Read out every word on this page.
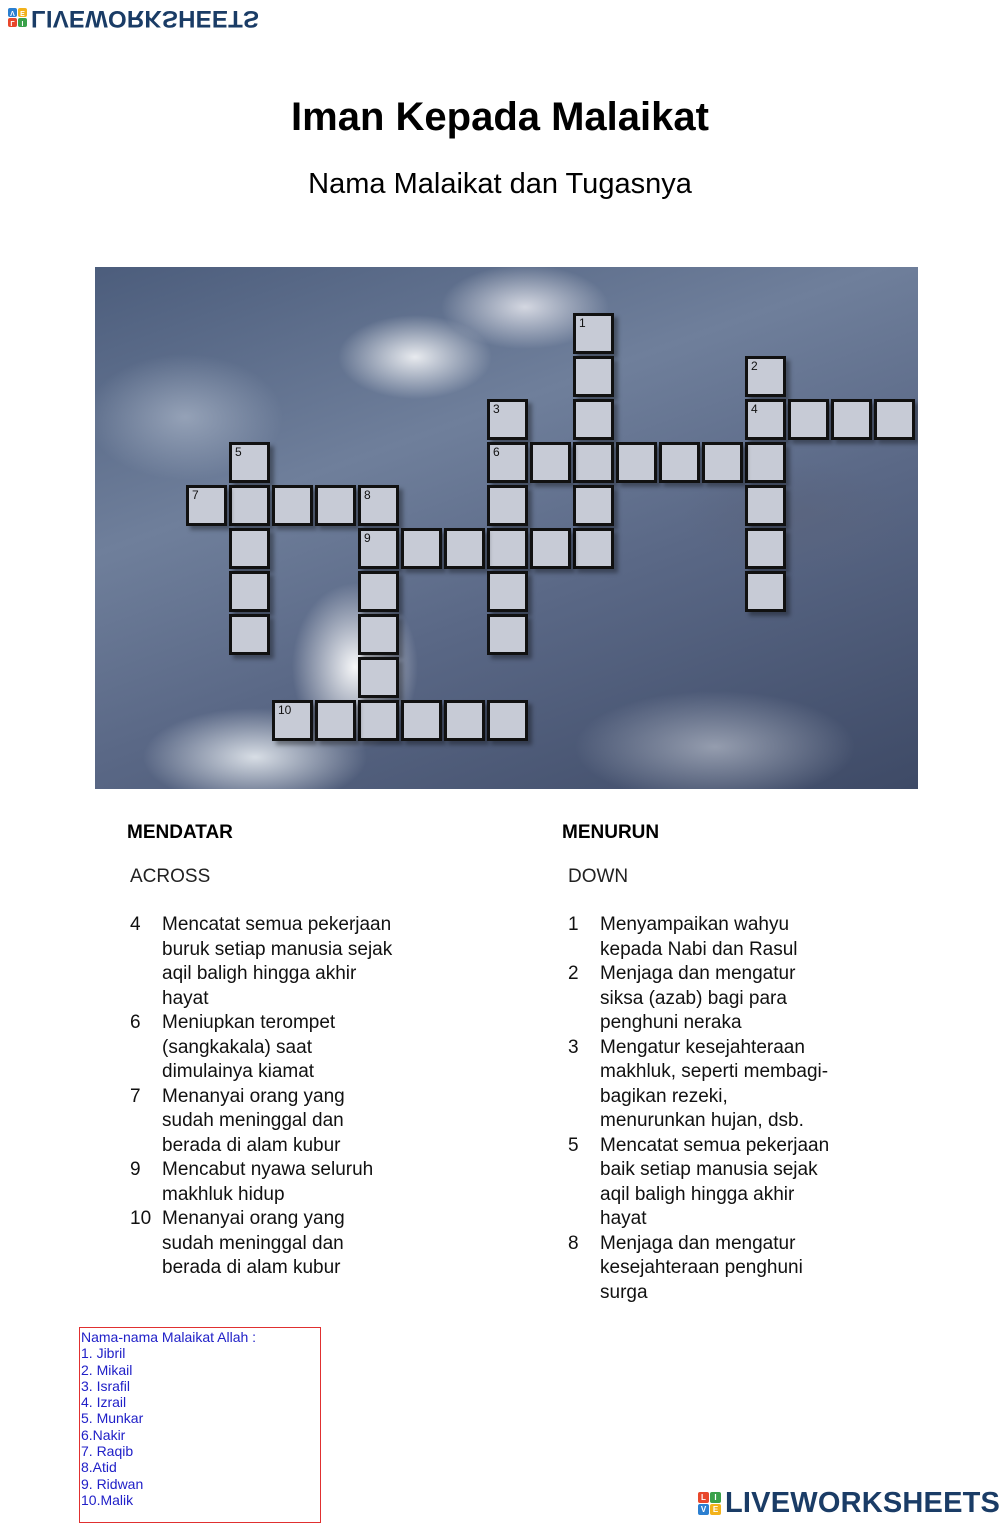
L I
V E LIVEWORKSHEETS
Iman Kepada Malaikat
Nama Malaikat dan Tugasnya
1
2
4
3
6
5
7	8
9
10
MENDATAR
ACROSS
4 Mencatat semua pekerjaan
buruk setiap manusia sejak
aqil baligh hingga akhir
hayat
6 Meniupkan terompet
(sangkakala) saat
dimulainya kiamat
7 Menanyai orang yang
sudah meninggal dan
berada di alam kubur
9 Mencabut nyawa seluruh
makhluk hidup
10 Menanyai orang yang
sudah meninggal dan
berada di alam kubur
MENURUN
DOWN
1 Menyampaikan wahyu
kepada Nabi dan Rasul
2 Menjaga dan mengatur
siksa (azab) bagi para
penghuni neraka
3 Mengatur kesejahteraan
makhluk, seperti membagi-
bagikan rezeki,
menurunkan hujan, dsb.
5 Mencatat semua pekerjaan
baik setiap manusia sejak
aqil baligh hingga akhir
hayat
8 Menjaga dan mengatur
kesejahteraan penghuni
surga
Nama-nama Malaikat Allah :
1. Jibril
2. Mikail
3. Israfil
4. Izrail
5. Munkar
6.Nakir
7. Raqib
8.Atid
9. Ridwan
10.Malik	L	I
V E LIVEWORKSHEETS
